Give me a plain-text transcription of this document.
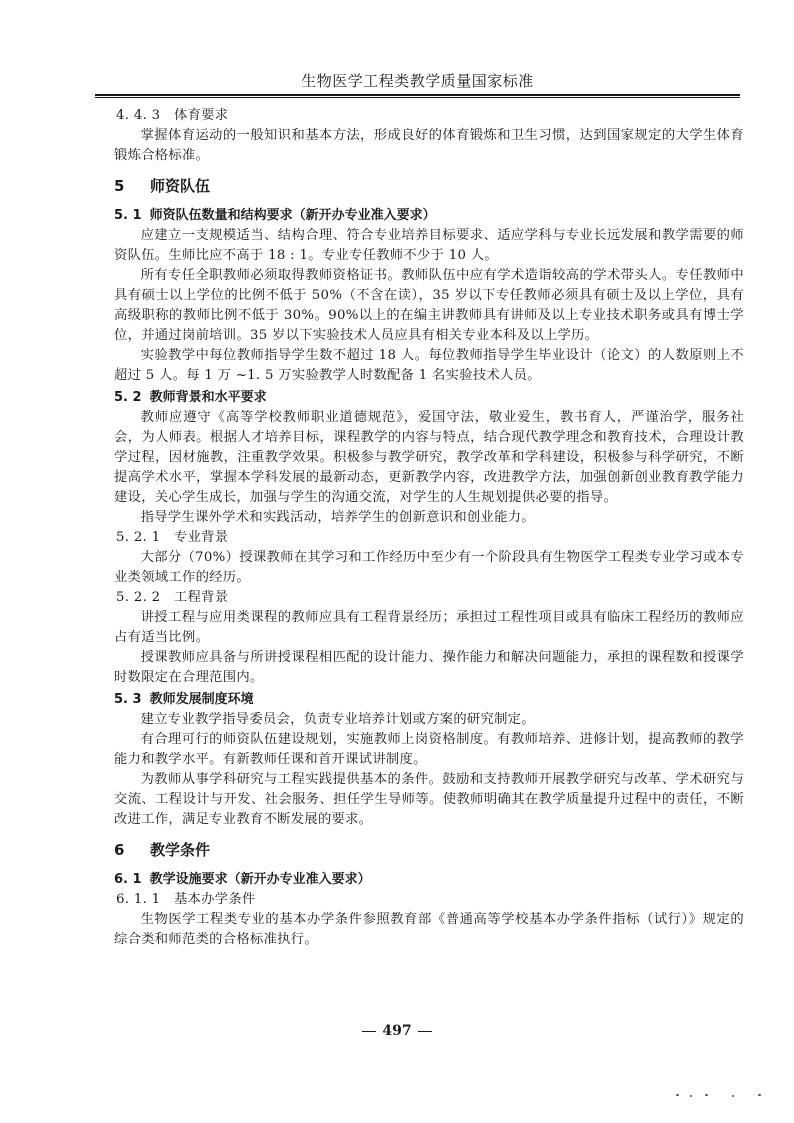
生物医学工程类教学质量国家标准
4. 4. 3　体育要求
掌握体育运动的一般知识和基本方法，形成良好的体育锻炼和卫生习惯，达到国家规定的大学生体育锻炼合格标准。
5 师资队伍
5. 1 师资队伍数量和结构要求（新开办专业准入要求）
应建立一支规模适当、结构合理、符合专业培养目标要求、适应学科与专业长远发展和教学需要的师资队伍。生师比应不高于 18 : 1。专业专任教师不少于 10 人。
所有专任全职教师必须取得教师资格证书。教师队伍中应有学术造诣较高的学术带头人。专任教师中具有硕士以上学位的比例不低于 50%（不含在读），35 岁以下专任教师必须具有硕士及以上学位，具有高级职称的教师比例不低于 30%。90%以上的在编主讲教师具有讲师及以上专业技术职务或具有博士学位，并通过岗前培训。35 岁以下实验技术人员应具有相关专业本科及以上学历。
实验教学中每位教师指导学生数不超过 18 人。每位教师指导学生毕业设计（论文）的人数原则上不超过 5 人。每 1 万 ~1. 5 万实验教学人时数配备 1 名实验技术人员。
5. 2 教师背景和水平要求
教师应遵守《高等学校教师职业道德规范》，爱国守法，敬业爱生，教书育人，严谨治学，服务社会，为人师表。根据人才培养目标，课程教学的内容与特点，结合现代教学理念和教育技术，合理设计教学过程，因材施教，注重教学效果。积极参与教学研究，教学改革和学科建设，积极参与科学研究，不断提高学术水平，掌握本学科发展的最新动态，更新教学内容，改进教学方法，加强创新创业教育教学能力建设，关心学生成长，加强与学生的沟通交流，对学生的人生规划提供必要的指导。
指导学生课外学术和实践活动，培养学生的创新意识和创业能力。
5. 2. 1　专业背景
大部分（70%）授课教师在其学习和工作经历中至少有一个阶段具有生物医学工程类专业学习或本专业类领域工作的经历。
5. 2. 2　工程背景
讲授工程与应用类课程的教师应具有工程背景经历；承担过工程性项目或具有临床工程经历的教师应占有适当比例。
授课教师应具备与所讲授课程相匹配的设计能力、操作能力和解决问题能力，承担的课程数和授课学时数限定在合理范围内。
5. 3 教师发展制度环境
建立专业教学指导委员会，负责专业培养计划或方案的研究制定。
有合理可行的师资队伍建设规划，实施教师上岗资格制度。有教师培养、进修计划，提高教师的教学能力和教学水平。有新教师任课和首开课试讲制度。
为教师从事学科研究与工程实践提供基本的条件。鼓励和支持教师开展教学研究与改革、学术研究与交流、工程设计与开发、社会服务、担任学生导师等。使教师明确其在教学质量提升过程中的责任，不断改进工作，满足专业教育不断发展的要求。
6 教学条件
6. 1 教学设施要求（新开办专业准入要求）
6. 1. 1　基本办学条件
生物医学工程类专业的基本办学条件参照教育部《普通高等学校基本办学条件指标（试行）》规定的综合类和师范类的合格标准执行。
497
